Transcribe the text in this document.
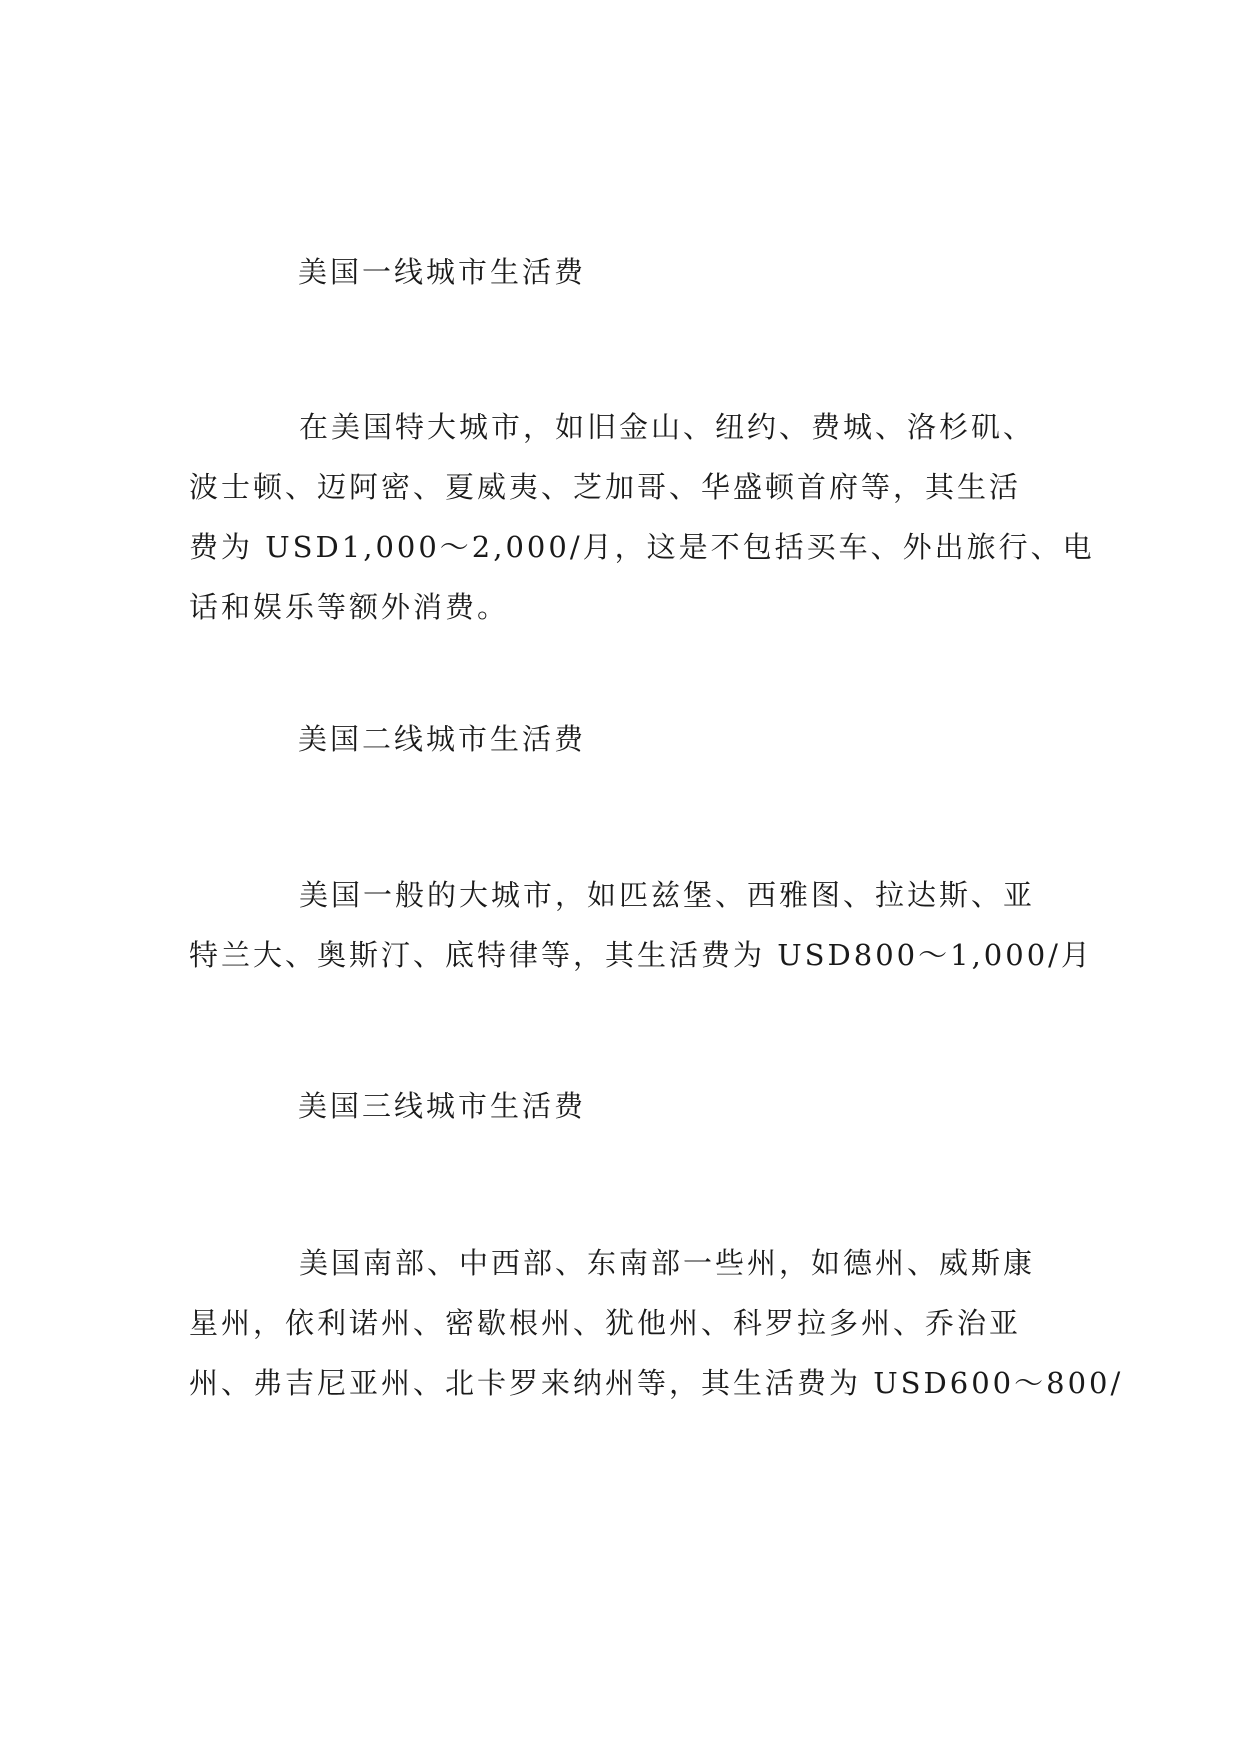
美国一线城市生活费
在美国特大城市，如旧金山、纽约、费城、洛杉矶、
波士顿、迈阿密、夏威夷、芝加哥、华盛顿首府等，其生活
费为 USD1,000～2,000/月，这是不包括买车、外出旅行、电
话和娱乐等额外消费。
美国二线城市生活费
美国一般的大城市，如匹兹堡、西雅图、拉达斯、亚
特兰大、奥斯汀、底特律等，其生活费为 USD800～1,000/月
美国三线城市生活费
美国南部、中西部、东南部一些州，如德州、威斯康
星州，依利诺州、密歇根州、犹他州、科罗拉多州、乔治亚
州、弗吉尼亚州、北卡罗来纳州等，其生活费为 USD600～800/
